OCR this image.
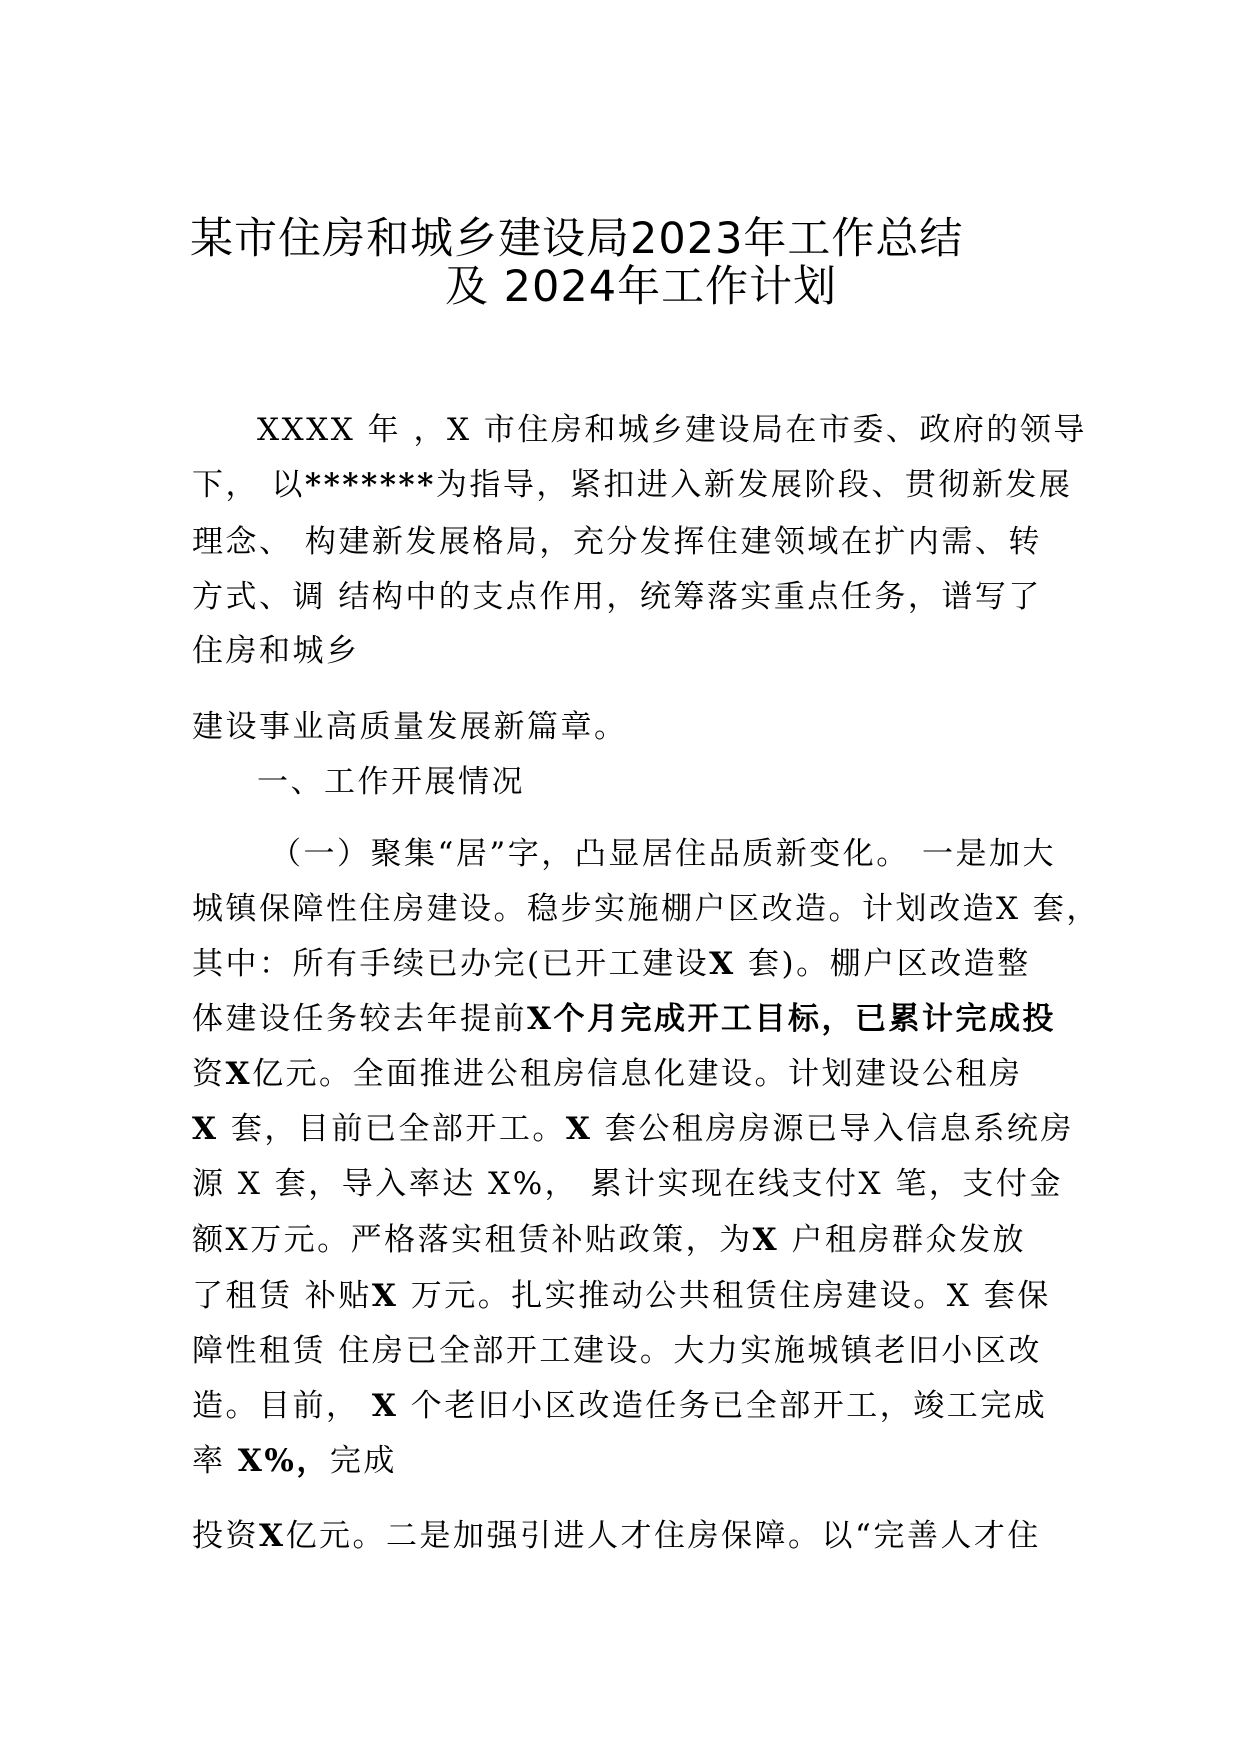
某市住房和城乡建设局2023年工作总结
及 2024年工作计划
XXXX 年 ，X 市住房和城乡建设局在市委、政府的领导
下， 以*******为指导，紧扣进入新发展阶段、贯彻新发展
理念、 构建新发展格局，充分发挥住建领域在扩内需、转
方式、调 结构中的支点作用，统筹落实重点任务，谱写了
住房和城乡
建设事业高质量发展新篇章。
一、工作开展情况
（一）聚集“居”字，凸显居住品质新变化。 一是加大
城镇保障性住房建设。稳步实施棚户区改造。计划改造X 套，
其中：所有手续已办完(已开工建设X 套)。棚户区改造整
体建设任务较去年提前X个月完成开工目标，已累计完成投
资X亿元。全面推进公租房信息化建设。计划建设公租房
X 套，目前已全部开工。X 套公租房房源已导入信息系统房
源 X 套，导入率达 X%， 累计实现在线支付X 笔，支付金
额X万元。严格落实租赁补贴政策，为X 户租房群众发放
了租赁 补贴X 万元。扎实推动公共租赁住房建设。X 套保
障性租赁 住房已全部开工建设。大力实施城镇老旧小区改
造。目前， X 个老旧小区改造任务已全部开工，竣工完成
率 X%，完成
投资X亿元。二是加强引进人才住房保障。以“完善人才住
